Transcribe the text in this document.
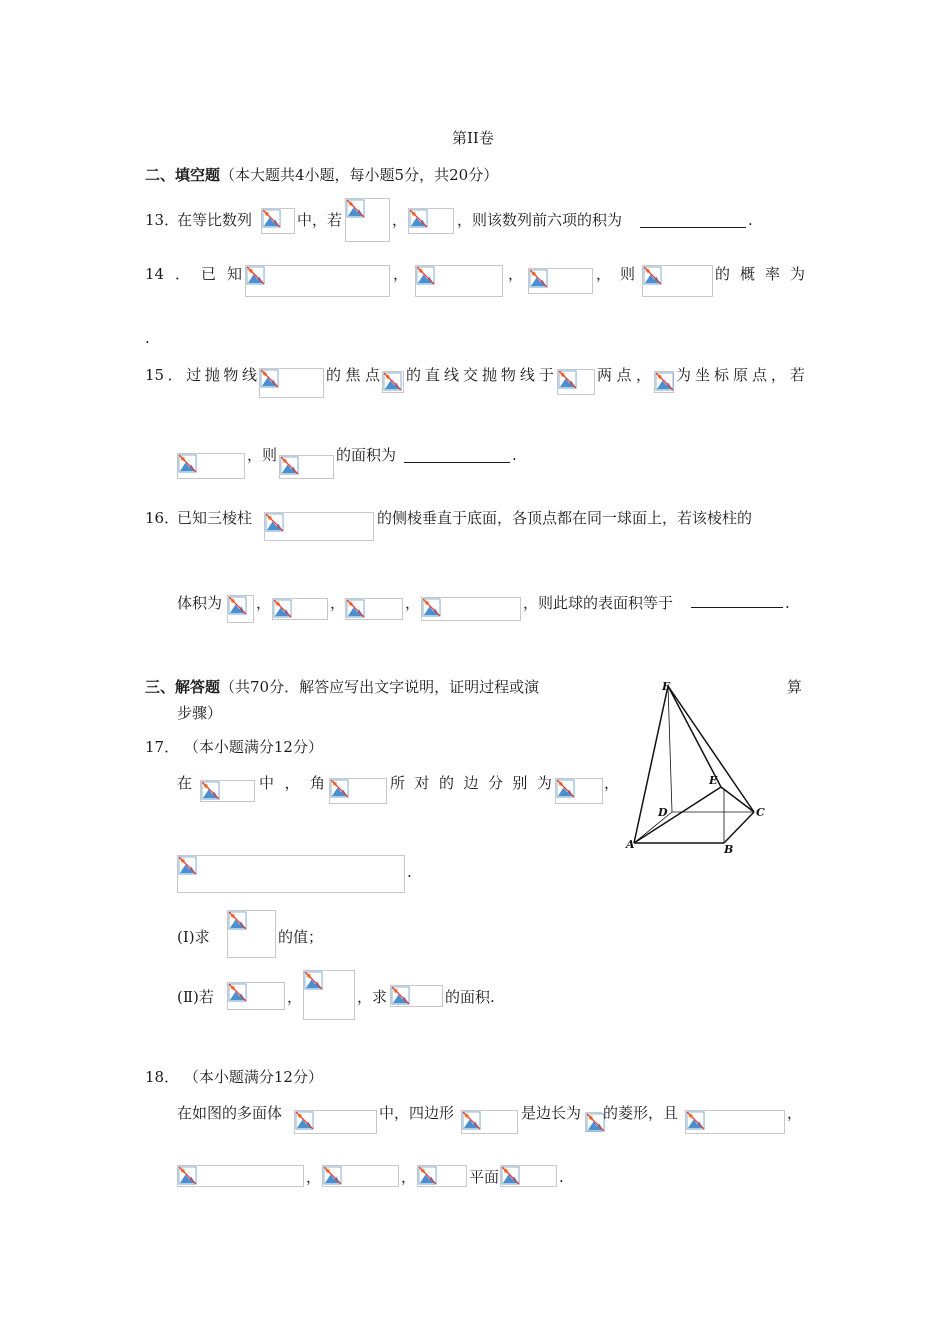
第II卷
二、填空题（本大题共4小题，每小题5分，共20分）
13．
在等比数列	中，若	，	，则该数列前六项的积为	.
14 ． 已 知	，	，	， 则	的 概 率 为
.
15 ． 过 抛 物 线	的 焦 点 的 直 线 交 抛 物 线 于	两 点 ， 为 坐 标 原 点 ， 若
，则	的面积为	.
16．
已知三棱柱	的侧棱垂直于底面，各顶点都在同一球面上，若该棱柱的
体积为 ，	，	，	，则此球的表面积等于	.
三、解答题（共70分．解答应写出文字说明，证明过程或演	算
步骤）
F
E
D	C
A	B
17． （本小题满分12分）
在	中 ， 角	所 对 的 边 分 别 为	，
.
(Ⅰ)求	的值；
(Ⅱ)若	，	，求	的面积.
18． （本小题满分12分）
在如图的多面体	中，四边形	是边长为 的菱形，且	，
，	，	平面	.
